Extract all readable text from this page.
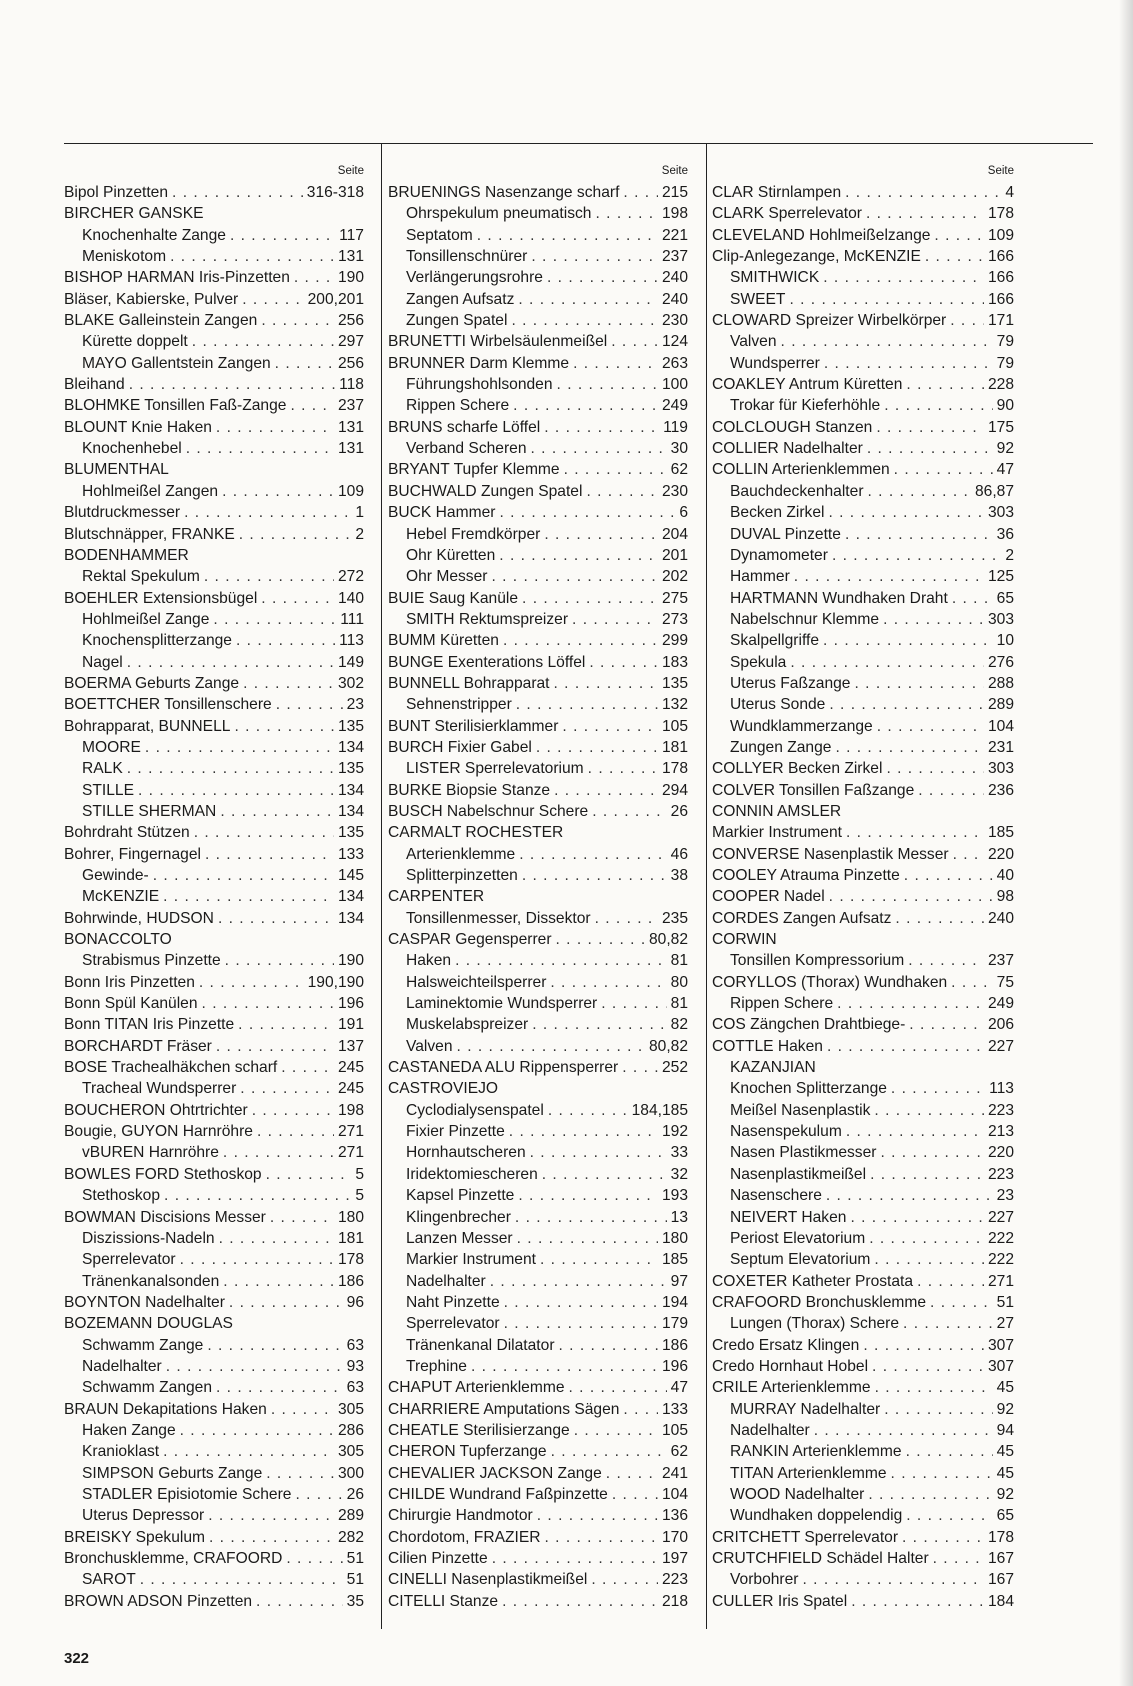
Seite
Bipol Pinzetten . . .	316-318
BIRCHER GANSKE
Knochenhalte Zange . . .	117
Meniskotom . . .	131
BISHOP HARMAN Iris-Pinzetten . . .	190
Bläser, Kabierske, Pulver . . .	200,201
BLAKE Galleinstein Zangen . . .	256
Kürette doppelt . . .	297
MAYO Gallentstein Zangen . . .	256
Bleihand . . .	118
BLOHMKE Tonsillen Faß-Zange . . .	237
BLOUNT Knie Haken . . .	131
Knochenhebel . . .	131
BLUMENTHAL
Hohlmeißel Zangen . . .	109
Blutdruckmesser . . .	1
Blutschnäpper, FRANKE . . .	2
BODENHAMMER
Rektal Spekulum . . .	272
BOEHLER Extensionsbügel . . .	140
Hohlmeißel Zange . . .	111
Knochensplitterzange . . .	113
Nagel . . .	149
BOERMA Geburts Zange . . .	302
BOETTCHER Tonsillenschere . . .	23
Bohrapparat, BUNNELL . . .	135
MOORE . . .	134
RALK . . .	135
STILLE . . .	134
STILLE SHERMAN . . .	134
Bohrdraht Stützen . . .	135
Bohrer, Fingernagel . . .	133
Gewinde- . . .	145
McKENZIE . . .	134
Bohrwinde, HUDSON . . .	134
BONACCOLTO
Strabismus Pinzette . . .	190
Bonn Iris Pinzetten . . .	190,190
Bonn Spül Kanülen . . .	196
Bonn TITAN Iris Pinzette . . .	191
BORCHARDT Fräser . . .	137
BOSE Trachealhäkchen scharf . . .	245
Tracheal Wundsperrer . . .	245
BOUCHERON Ohtrtrichter . . .	198
Bougie, GUYON Harnröhre . . .	271
vBUREN Harnröhre . . .	271
BOWLES FORD Stethoskop . . .	5
Stethoskop . . .	5
BOWMAN Discisions Messer . . .	180
Diszissions-Nadeln . . .	181
Sperrelevator . . .	178
Tränenkanalsonden . . .	186
BOYNTON Nadelhalter . . .	96
BOZEMANN DOUGLAS
Schwamm Zange . . .	63
Nadelhalter . . .	93
Schwamm Zangen . . .	63
BRAUN Dekapitations Haken . . .	305
Haken Zange . . .	286
Kranioklast . . .	305
SIMPSON Geburts Zange . . .	300
STADLER Episiotomie Schere . . .	26
Uterus Depressor . . .	289
BREISKY Spekulum . . .	282
Bronchusklemme, CRAFOORD . . .	51
SAROT . . .	51
BROWN ADSON Pinzetten . . .	35
Seite
BRUENINGS Nasenzange scharf . . .	215
Ohrspekulum pneumatisch . . .	198
Septatom . . .	221
Tonsillenschnürer . . .	237
Verlängerungsrohre . . .	240
Zangen Aufsatz . . .	240
Zungen Spatel . . .	230
BRUNETTI Wirbelsäulenmeißel . . .	124
BRUNNER Darm Klemme . . .	263
Führungshohlsonden . . .	100
Rippen Schere . . .	249
BRUNS scharfe Löffel . . .	119
Verband Scheren . . .	30
BRYANT Tupfer Klemme . . .	62
BUCHWALD Zungen Spatel . . .	230
BUCK Hammer . . .	6
Hebel Fremdkörper . . .	204
Ohr Küretten . . .	201
Ohr Messer . . .	202
BUIE Saug Kanüle . . .	275
SMITH Rektumspreizer . . .	273
BUMM Küretten . . .	299
BUNGE Exenterations Löffel . . .	183
BUNNELL Bohrapparat . . .	135
Sehnenstripper . . .	132
BUNT Sterilisierklammer . . .	105
BURCH Fixier Gabel . . .	181
LISTER Sperrelevatorium . . .	178
BURKE Biopsie Stanze . . .	294
BUSCH Nabelschnur Schere . . .	26
CARMALT ROCHESTER
Arterienklemme . . .	46
Splitterpinzetten . . .	38
CARPENTER
Tonsillenmesser, Dissektor . . .	235
CASPAR Gegensperrer . . .	80,82
Haken . . .	81
Halsweichteilsperrer . . .	80
Laminektomie Wundsperrer . . .	81
Muskelabspreizer . . .	82
Valven . . .	80,82
CASTANEDA ALU Rippensperrer . . .	252
CASTROVIEJO
Cyclodialysenspatel . . .	184,185
Fixier Pinzette . . .	192
Hornhautscheren . . .	33
Iridektomiescheren . . .	32
Kapsel Pinzette . . .	193
Klingenbrecher . . .	13
Lanzen Messer . . .	180
Markier Instrument . . .	185
Nadelhalter . . .	97
Naht Pinzette . . .	194
Sperrelevator . . .	179
Tränenkanal Dilatator . . .	186
Trephine . . .	196
CHAPUT Arterienklemme . . .	47
CHARRIERE Amputations Sägen . . .	133
CHEATLE Sterilisierzange . . .	105
CHERON Tupferzange . . .	62
CHEVALIER JACKSON Zange . . .	241
CHILDE Wundrand Faßpinzette . . .	104
Chirurgie Handmotor . . .	136
Chordotom, FRAZIER . . .	170
Cilien Pinzette . . .	197
CINELLI Nasenplastikmeißel . . .	223
CITELLI Stanze . . .	218
Seite
CLAR Stirnlampen . . .	4
CLARK Sperrelevator . . .	178
CLEVELAND Hohlmeißelzange . . .	109
Clip-Anlegezange, McKENZIE . . .	166
SMITHWICK . . .	166
SWEET . . .	166
CLOWARD Spreizer Wirbelkörper . . .	171
Valven . . .	79
Wundsperrer . . .	79
COAKLEY Antrum Küretten . . .	228
Trokar für Kieferhöhle . . .	90
COLCLOUGH Stanzen . . .	175
COLLIER Nadelhalter . . .	92
COLLIN Arterienklemmen . . .	47
Bauchdeckenhalter . . .	86,87
Becken Zirkel . . .	303
DUVAL Pinzette . . .	36
Dynamometer . . .	2
Hammer . . .	125
HARTMANN Wundhaken Draht . . .	65
Nabelschnur Klemme . . .	303
Skalpellgriffe . . .	10
Spekula . . .	276
Uterus Faßzange . . .	288
Uterus Sonde . . .	289
Wundklammerzange . . .	104
Zungen Zange . . .	231
COLLYER Becken Zirkel . . .	303
COLVER Tonsillen Faßzange . . .	236
CONNIN AMSLER
Markier Instrument . . .	185
CONVERSE Nasenplastik Messer . . .	220
COOLEY Atrauma Pinzette . . .	40
COOPER Nadel . . .	98
CORDES Zangen Aufsatz . . .	240
CORWIN
Tonsillen Kompressorium . . .	237
CORYLLOS (Thorax) Wundhaken . . .	75
Rippen Schere . . .	249
COS Zängchen Drahtbiege- . . .	206
COTTLE Haken . . .	227
KAZANJIAN
Knochen Splitterzange . . .	113
Meißel Nasenplastik . . .	223
Nasenspekulum . . .	213
Nasen Plastikmesser . . .	220
Nasenplastikmeißel . . .	223
Nasenschere . . .	23
NEIVERT Haken . . .	227
Periost Elevatorium . . .	222
Septum Elevatorium . . .	222
COXETER Katheter Prostata . . .	271
CRAFOORD Bronchusklemme . . .	51
Lungen (Thorax) Schere . . .	27
Credo Ersatz Klingen . . .	307
Credo Hornhaut Hobel . . .	307
CRILE Arterienklemme . . .	45
MURRAY Nadelhalter . . .	92
Nadelhalter . . .	94
RANKIN Arterienklemme . . .	45
TITAN Arterienklemme . . .	45
WOOD Nadelhalter . . .	92
Wundhaken doppelendig . . .	65
CRITCHETT Sperrelevator . . .	178
CRUTCHFIELD Schädel Halter . . .	167
Vorbohrer . . .	167
CULLER Iris Spatel . . .	184
322
